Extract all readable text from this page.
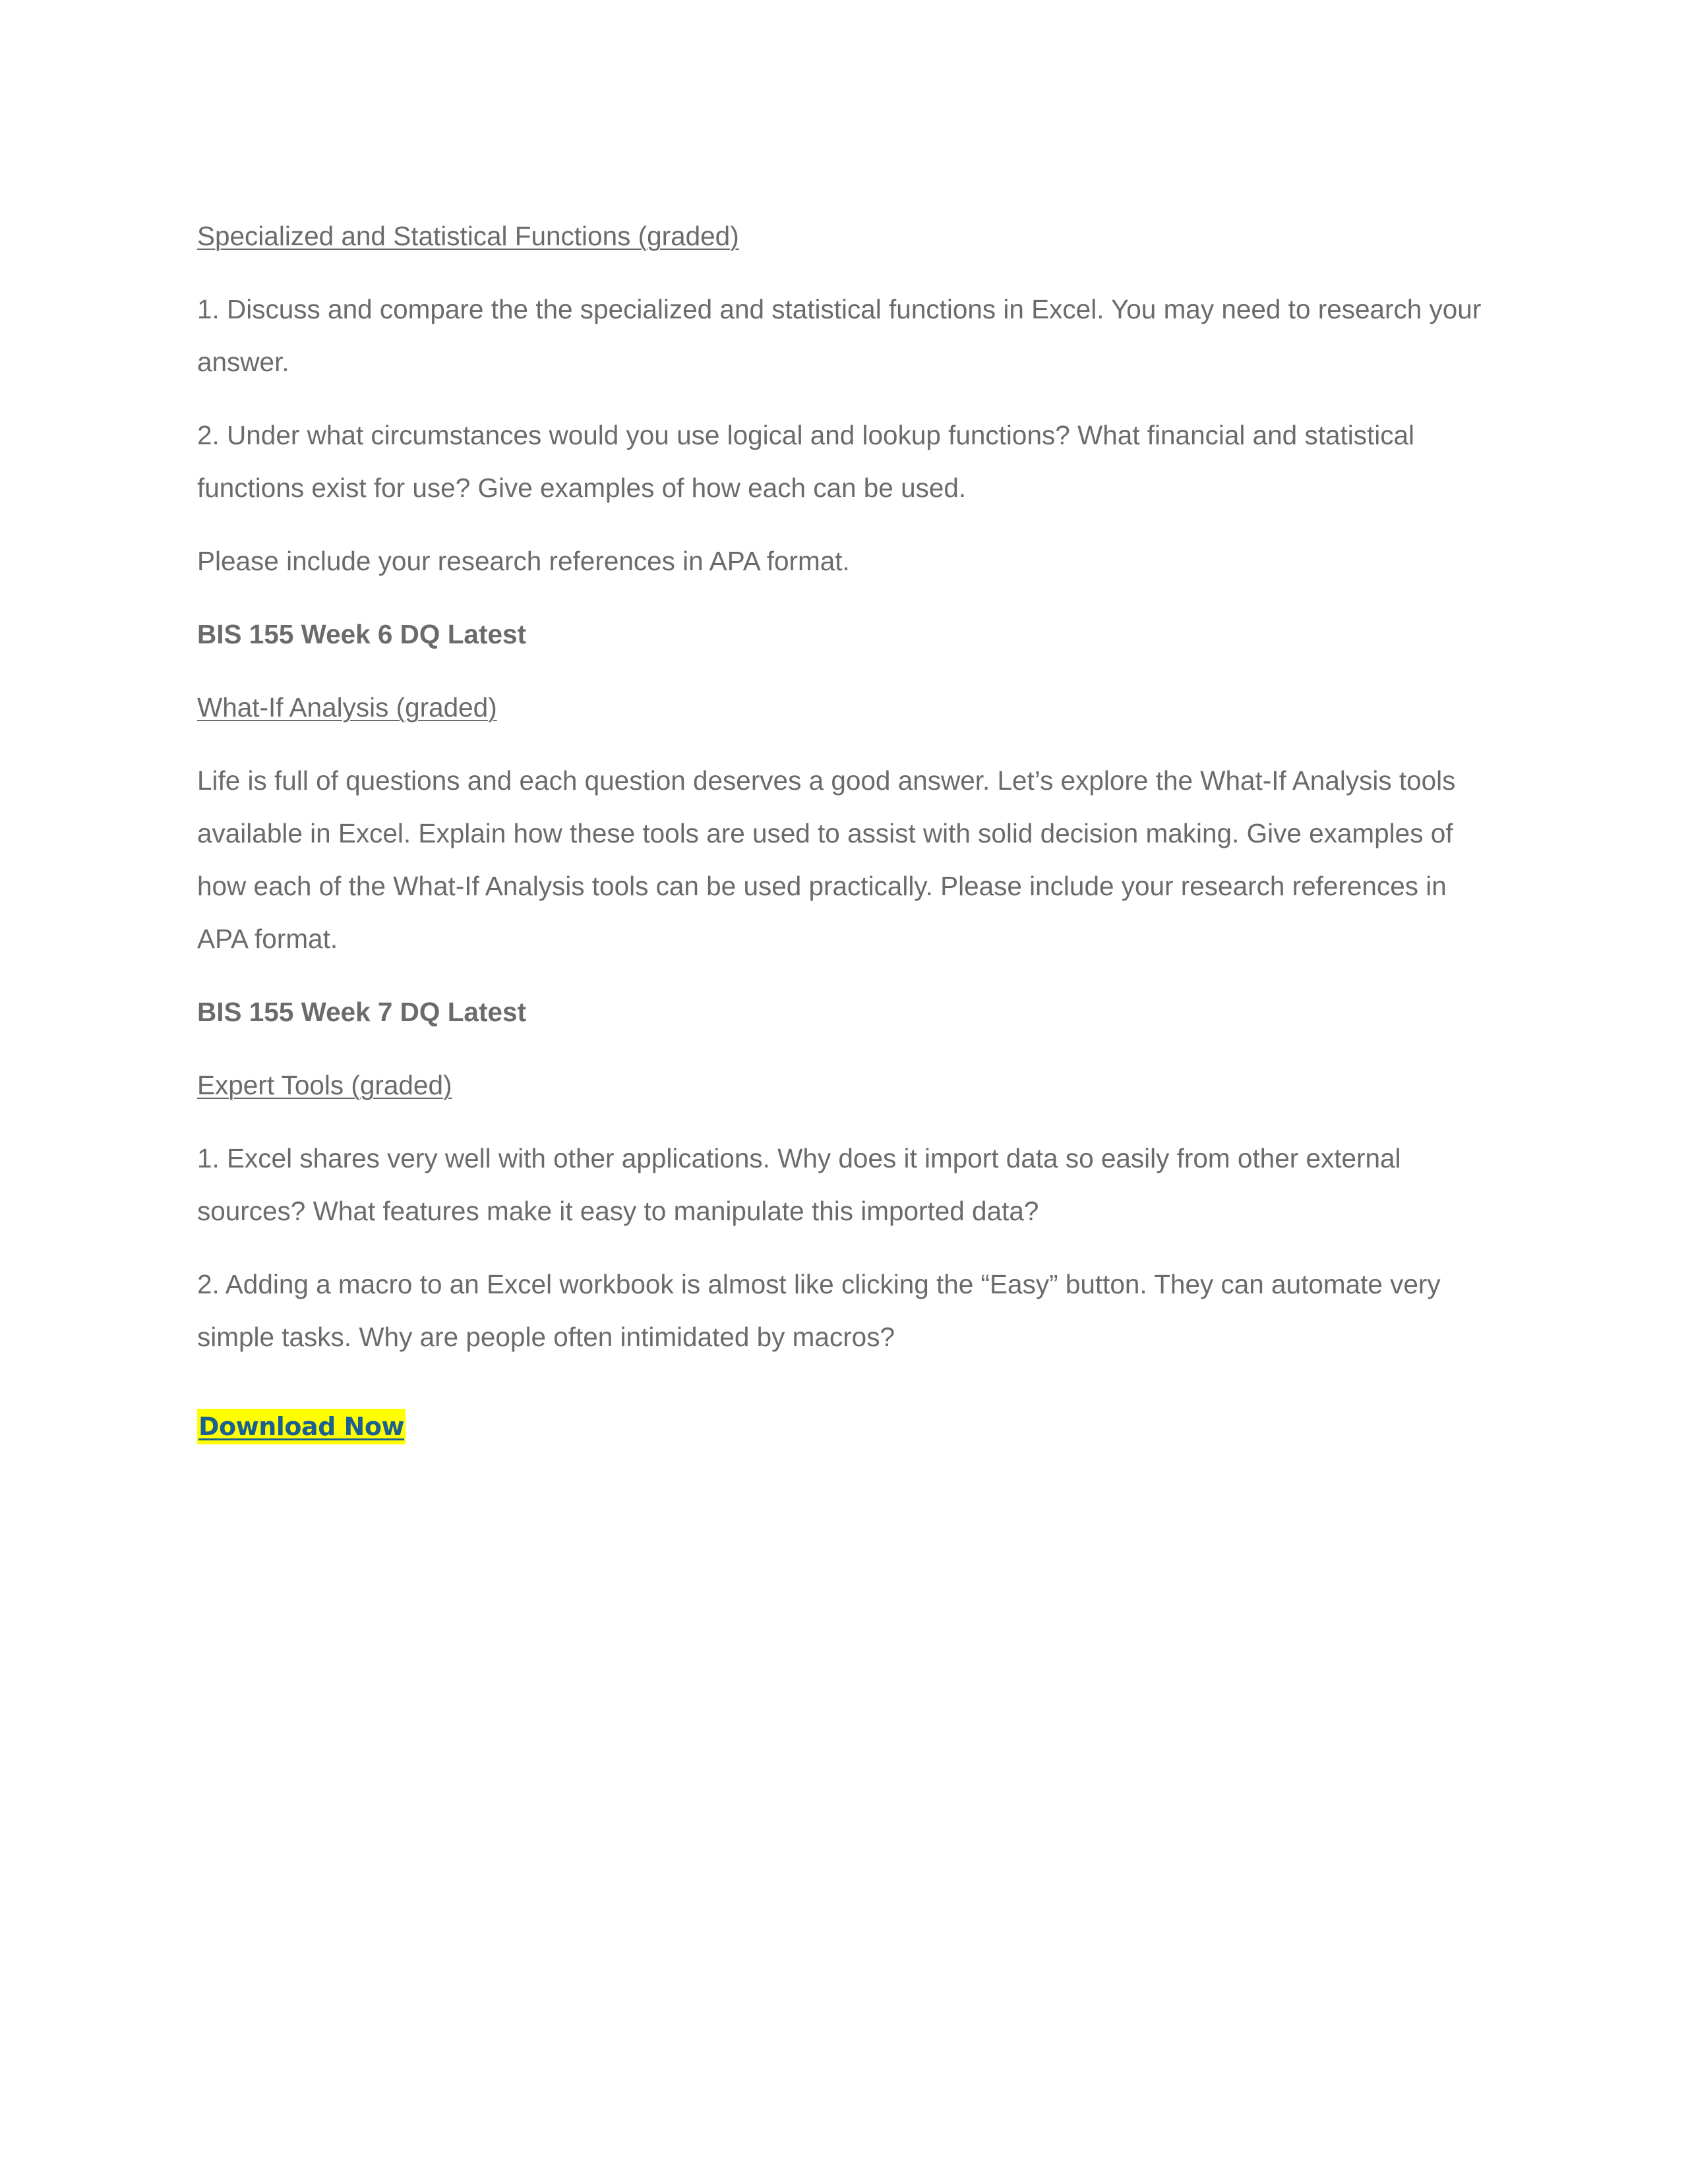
Specialized and Statistical Functions (graded)

1. Discuss and compare the the specialized and statistical functions in Excel. You may need to research your answer.

2. Under what circumstances would you use logical and lookup functions? What financial and statistical functions exist for use? Give examples of how each can be used.

Please include your research references in APA format.

BIS 155 Week 6 DQ Latest

What-If Analysis (graded)

Life is full of questions and each question deserves a good answer. Let’s explore the What-If Analysis tools available in Excel. Explain how these tools are used to assist with solid decision making. Give examples of how each of the What-If Analysis tools can be used practically. Please include your research references in APA format.

BIS 155 Week 7 DQ Latest

Expert Tools (graded)

1. Excel shares very well with other applications. Why does it import data so easily from other external sources? What features make it easy to manipulate this imported data?

2. Adding a macro to an Excel workbook is almost like clicking the “Easy” button. They can automate very simple tasks. Why are people often intimidated by macros?

Download Now
